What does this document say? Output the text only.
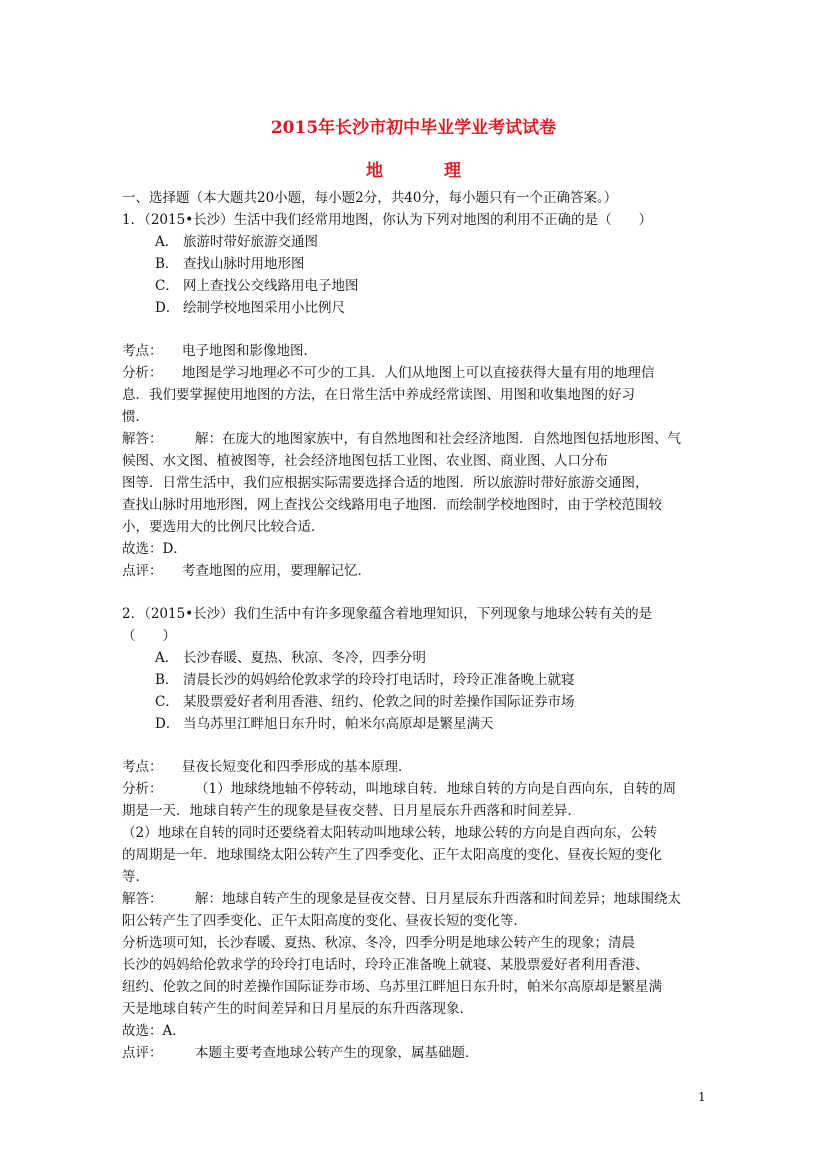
2015年长沙市初中毕业学业考试试卷
地　理
一、选择题（本大题共20小题，每小题2分，共40分，每小题只有一个正确答案。）
1．（2015•长沙）生活中我们经常用地图，你认为下列对地图的利用不正确的是（　　）
A． 旅游时带好旅游交通图
B． 查找山脉时用地形图
C． 网上查找公交线路用电子地图
D． 绘制学校地图采用小比例尺
考点： 电子地图和影像地图．
分析： 地图是学习地理必不可少的工具．人们从地图上可以直接获得大量有用的地理信
息．我们要掌握使用地图的方法，在日常生活中养成经常读图、用图和收集地图的好习
惯．
解答： 解：在庞大的地图家族中，有自然地图和社会经济地图．自然地图包括地形图、气
候图、水文图、植被图等，社会经济地图包括工业图、农业图、商业图、人口分布
图等．日常生活中，我们应根据实际需要选择合适的地图．所以旅游时带好旅游交通图，
查找山脉时用地形图，网上查找公交线路用电子地图．而绘制学校地图时，由于学校范围较
小，要选用大的比例尺比较合适．
故选：D．
点评： 考查地图的应用，要理解记忆．
2．（2015•长沙）我们生活中有许多现象蕴含着地理知识，下列现象与地球公转有关的是
（　　）
A． 长沙春暖、夏热、秋凉、冬冷，四季分明
B． 清晨长沙的妈妈给伦敦求学的玲玲打电话时，玲玲正准备晚上就寝
C． 某股票爱好者利用香港、纽约、伦敦之间的时差操作国际证券市场
D． 当乌苏里江畔旭日东升时，帕米尔高原却是繁星满天
考点： 昼夜长短变化和四季形成的基本原理．
分析： （1）地球绕地轴不停转动，叫地球自转．地球自转的方向是自西向东，自转的周
期是一天．地球自转产生的现象是昼夜交替、日月星辰东升西落和时间差异．
（2）地球在自转的同时还要绕着太阳转动叫地球公转，地球公转的方向是自西向东，公转
的周期是一年．地球围绕太阳公转产生了四季变化、正午太阳高度的变化、昼夜长短的变化
等．
解答： 解：地球自转产生的现象是昼夜交替、日月星辰东升西落和时间差异；地球围绕太
阳公转产生了四季变化、正午太阳高度的变化、昼夜长短的变化等．
分析选项可知，长沙春暖、夏热、秋凉、冬冷，四季分明是地球公转产生的现象；清晨
长沙的妈妈给伦敦求学的玲玲打电话时，玲玲正准备晚上就寝、某股票爱好者利用香港、
纽约、伦敦之间的时差操作国际证券市场、乌苏里江畔旭日东升时，帕米尔高原却是繁星满
天是地球自转产生的时间差异和日月星辰的东升西落现象．
故选：A．
点评： 本题主要考查地球公转产生的现象，属基础题．
1
